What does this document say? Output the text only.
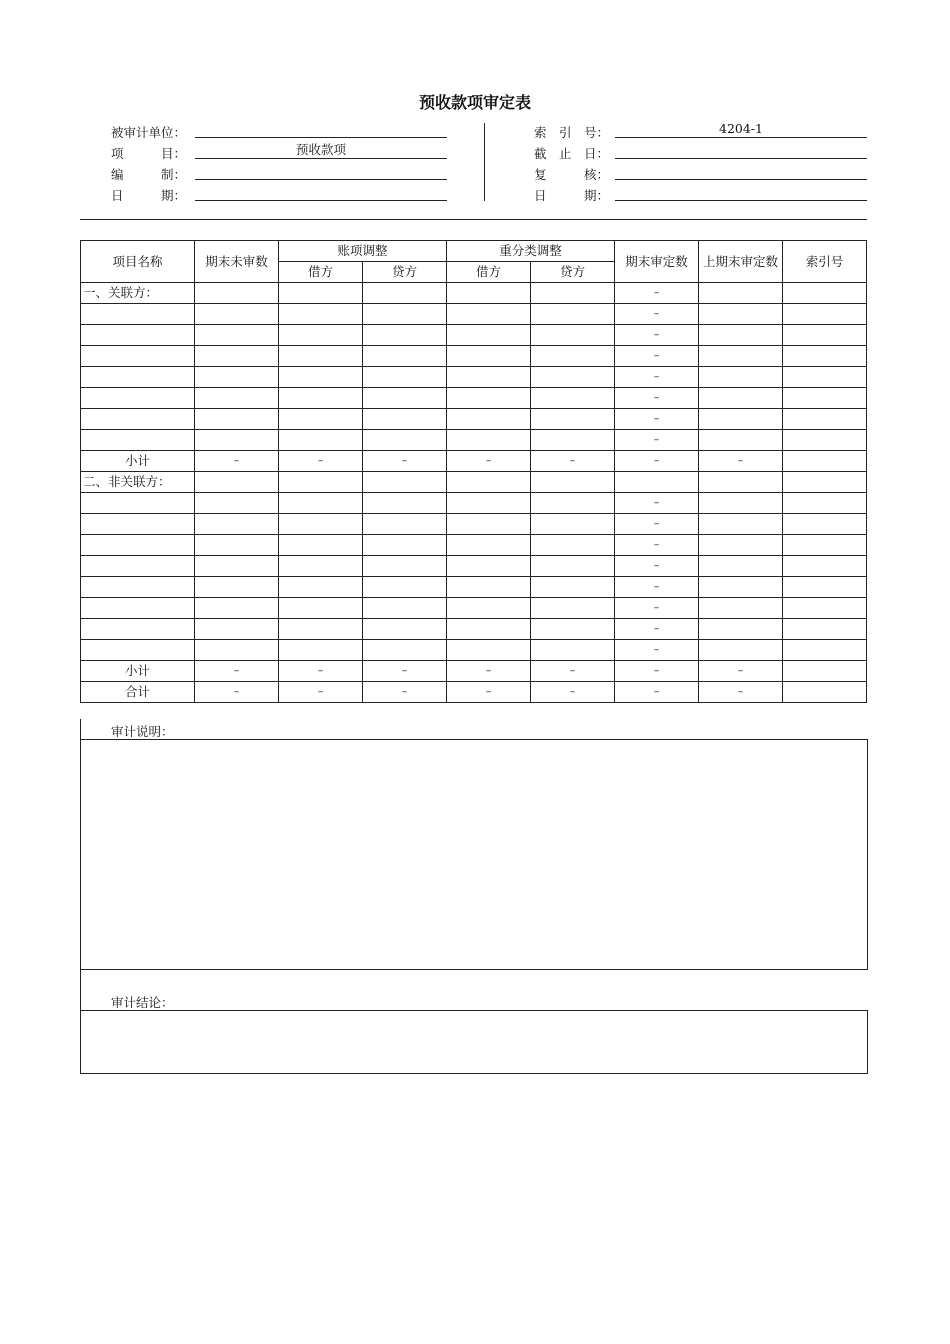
预收款项审定表
被审计单位：
项　　　目：	预收款项
编　　　制：
日　　　期：
索　引　号：	4204-1
截　止　日：
复　　　核：
日　　　期：
项目名称	期末未审数	账项调整		重分类调整		期末审定数	上期末审定数	索引号
		借方	贷方	借方	贷方			
一、关联方：						–		
						–		
						–		
						–		
						–		
						–		
						–		
						–		
小计	–	–	–	–	–	–	–	
二、非关联方：								
						–		
						–		
						–		
						–		
						–		
						–		
						–		
						–		
小计	–	–	–	–	–	–	–	
合计	–	–	–	–	–	–	–	
审计说明：
审计结论：
